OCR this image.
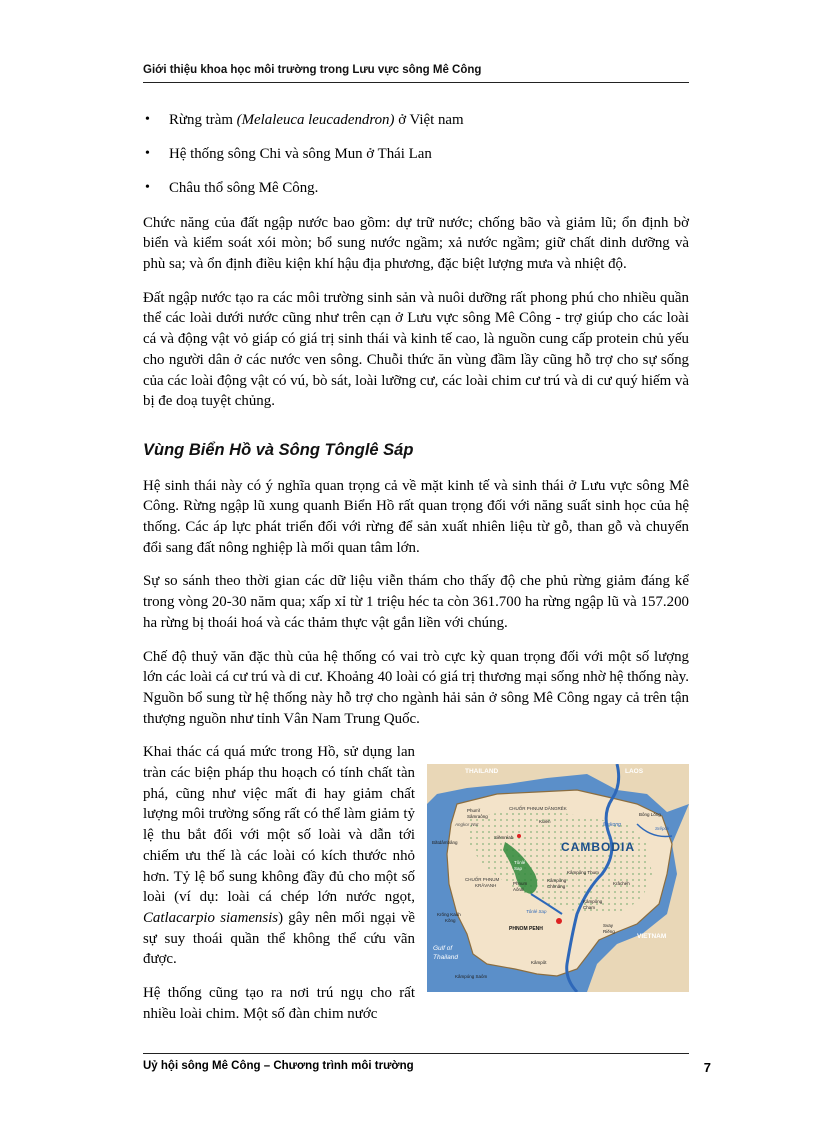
Giới thiệu khoa học môi trường trong Lưu vực sông Mê Công
• Rừng tràm (Melaleuca leucadendron) ở Việt nam
• Hệ thống sông Chi và sông Mun ở Thái Lan
• Châu thổ sông Mê Công.

Chức năng của đất ngập nước bao gồm: dự trữ nước; chống bão và giảm lũ; ổn định bờ biển và kiểm soát xói mòn; bổ sung nước ngầm; xả nước ngầm; giữ chất dinh dưỡng và phù sa; và ổn định điều kiện khí hậu địa phương, đặc biệt lượng mưa và nhiệt độ.

Đất ngập nước tạo ra các môi trường sinh sản và nuôi dưỡng rất phong phú cho nhiều quần thể các loài dưới nước cũng như trên cạn ở Lưu vực sông Mê Công - trợ giúp cho các loài cá và động vật vỏ giáp có giá trị sinh thái và kinh tế cao, là nguồn cung cấp protein chủ yếu cho người dân ở các nước ven sông. Chuỗi thức ăn vùng đầm lầy cũng hỗ trợ cho sự sống của các loài động vật có vú, bò sát, loài lưỡng cư, các loài chim cư trú và di cư quý hiếm và bị đe doạ tuyệt chủng.

Vùng Biển Hồ và Sông Tônglê Sáp

Hệ sinh thái này có ý nghĩa quan trọng cả về mặt kinh tế và sinh thái ở Lưu vực sông Mê Công. Rừng ngập lũ xung quanh Biển Hồ rất quan trọng đối với năng suất sinh học của hệ thống. Các áp lực phát triển đối với rừng để sản xuất nhiên liệu từ gỗ, than gỗ và chuyển đổi sang đất nông nghiệp là mối quan tâm lớn.

Sự so sánh theo thời gian các dữ liệu viễn thám cho thấy độ che phủ rừng giảm đáng kể trong vòng 20-30 năm qua; xấp xỉ từ 1 triệu héc ta còn 361.700 ha rừng ngập lũ và 157.200 ha rừng bị thoái hoá và các thảm thực vật gắn liền với chúng.

Chế độ thuỷ văn đặc thù của hệ thống có vai trò cực kỳ quan trọng đối với một số lượng lớn các loài cá cư trú và di cư. Khoảng 40 loài có giá trị thương mại sống nhờ hệ thống này. Nguồn bổ sung từ hệ thống này hỗ trợ cho ngành hải sản ở sông Mê Công ngay cả trên tận thượng nguồn như tỉnh Vân Nam Trung Quốc.

THAILAND	LAOS
CAMBODIA
VIETNAM
Gulf of
Thailand
Mekong
Tônlé
Sap
Tônlé Sap
Srêpôk
CHUỐR PHNUM DÂNGRÊK
CHUỐR PHNUM
KRÂVANH
Angkor Wat
Phumĭ
Sâmraông
Kulén
Siĕmréab
Bătdâmbâng
Bông Lŏng
Kâmpông Thum
Krâchéh
Kâmpông
Chhnăng
Phnum
Aôral
Kâmpông
Cham
Krŏng Kaôh
Kŏng
PHNOM PENH
Svay
Riĕng
Kâmpôt
Kâmpóng Saôm

Khai thác cá quá mức trong Hồ, sử dụng lan tràn các biện pháp thu hoạch có tính chất tàn phá, cũng như việc mất đi hay giảm chất lượng môi trường sống rất có thể làm giảm tỷ lệ thu bắt đối với một số loài và dẫn tới chiếm ưu thế là các loài có kích thước nhỏ hơn. Tỷ lệ bổ sung không đầy đủ cho một số loài (ví dụ: loài cá chép lớn nước ngọt, Catlacarpio siamensis) gây nên mối ngại về sự suy thoái quần thể không thể cứu vãn được.

Hệ thống cũng tạo ra nơi trú ngụ cho rất nhiều loài chim. Một số đàn chim nước

Uỷ hội sông Mê Công – Chương trình môi trường	7
